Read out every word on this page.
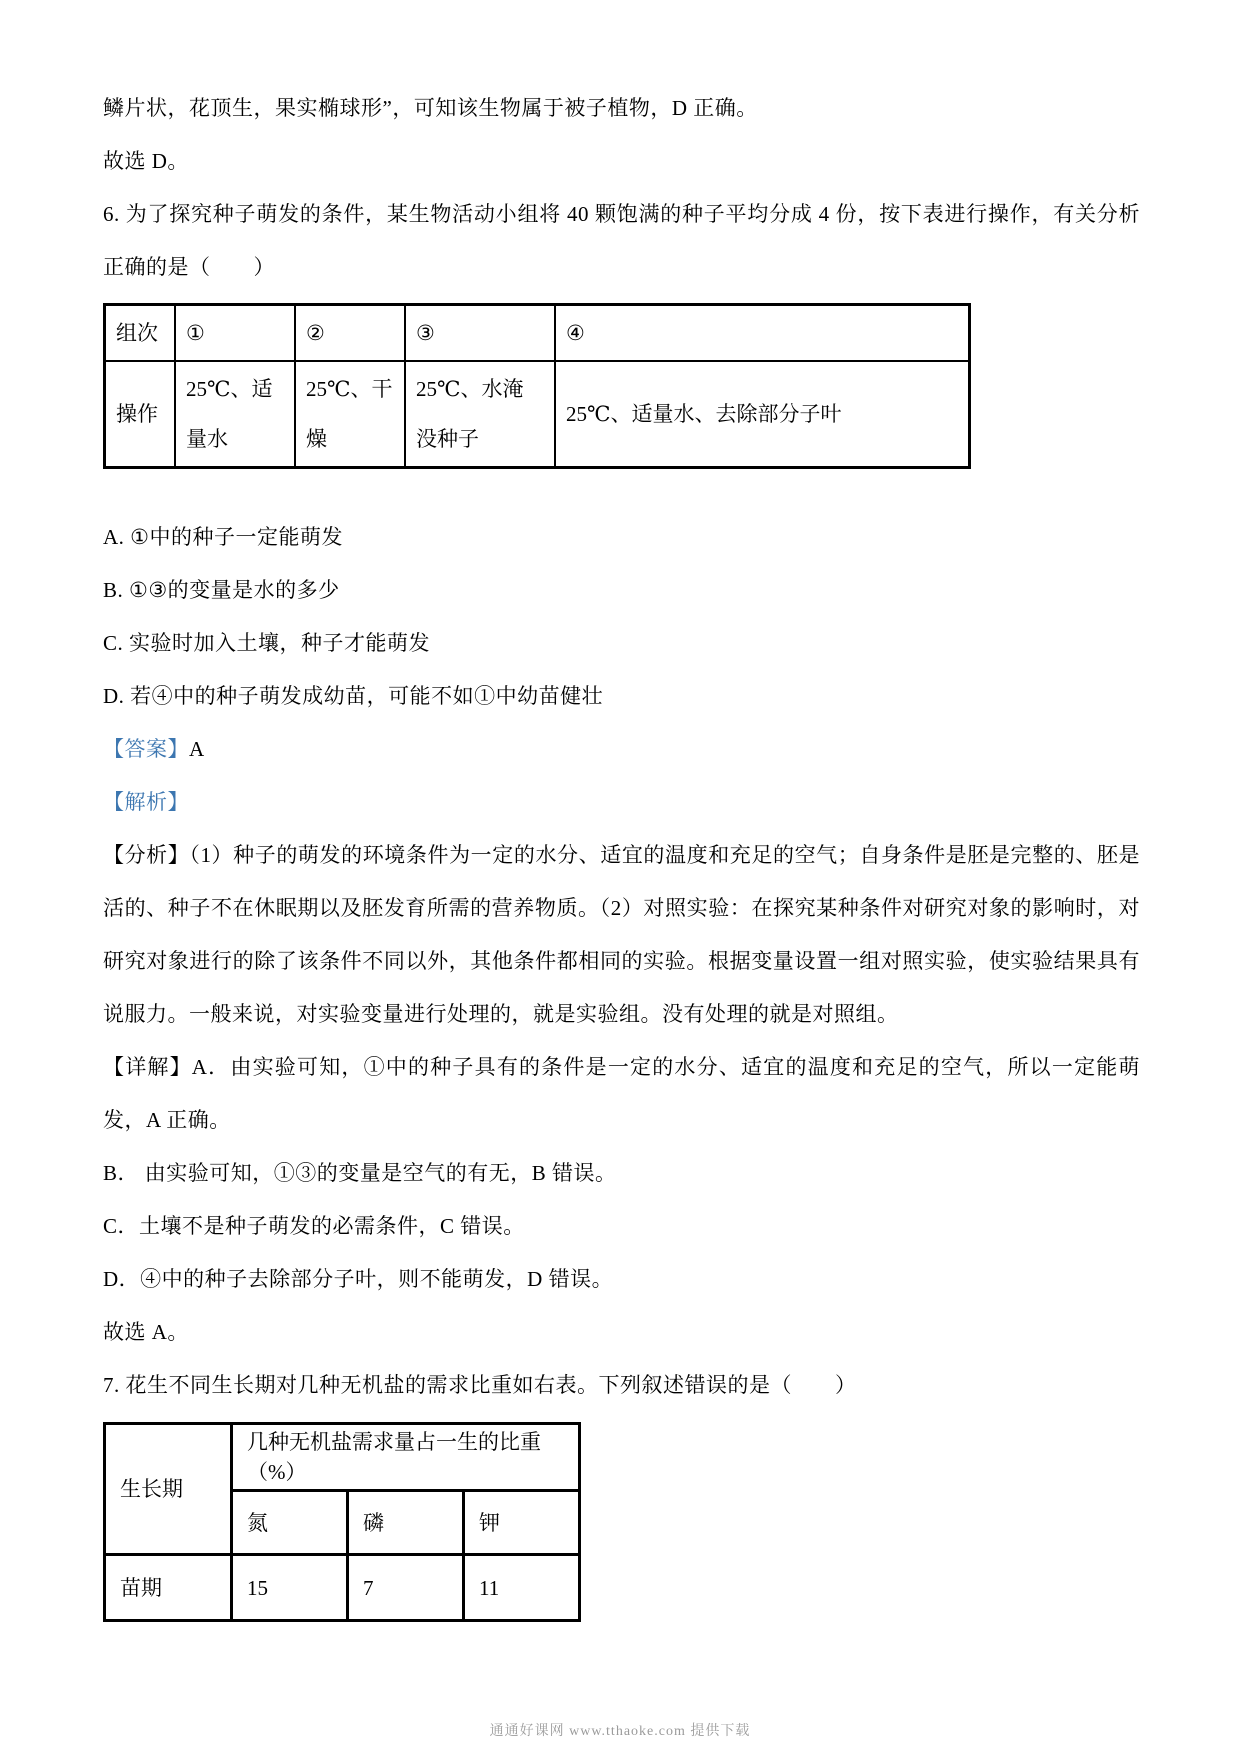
鳞片状，花顶生，果实椭球形”，可知该生物属于被子植物，D 正确。

故选 D。

6. 为了探究种子萌发的条件，某生物活动小组将 40 颗饱满的种子平均分成 4 份，按下表进行操作，有关分析正确的是（　　）

组次	①	②	③	④
操作	25℃、适量水	25℃、干燥	25℃、水淹没种子	25℃、适量水、去除部分子叶

A. ①中的种子一定能萌发

B. ①③的变量是水的多少

C. 实验时加入土壤，种子才能萌发

D. 若④中的种子萌发成幼苗，可能不如①中幼苗健壮

【答案】A

【解析】

【分析】（1）种子的萌发的环境条件为一定的水分、适宜的温度和充足的空气；自身条件是胚是完整的、胚是活的、种子不在休眠期以及胚发育所需的营养物质。（2）对照实验：在探究某种条件对研究对象的影响时，对研究对象进行的除了该条件不同以外，其他条件都相同的实验。根据变量设置一组对照实验，使实验结果具有说服力。一般来说，对实验变量进行处理的，就是实验组。没有处理的就是对照组。

【详解】A．由实验可知，①中的种子具有的条件是一定的水分、适宜的温度和充足的空气，所以一定能萌发，A 正确。

B． 由实验可知，①③的变量是空气的有无，B 错误。

C．土壤不是种子萌发的必需条件，C 错误。

D．④中的种子去除部分子叶，则不能萌发，D 错误。

故选 A。

7. 花生不同生长期对几种无机盐的需求比重如右表。下列叙述错误的是（　　）

生长期	几种无机盐需求量占一生的比重（%）		
	氮	磷	钾
苗期	15	7	11
通通好课网 www.tthaoke.com 提供下载
